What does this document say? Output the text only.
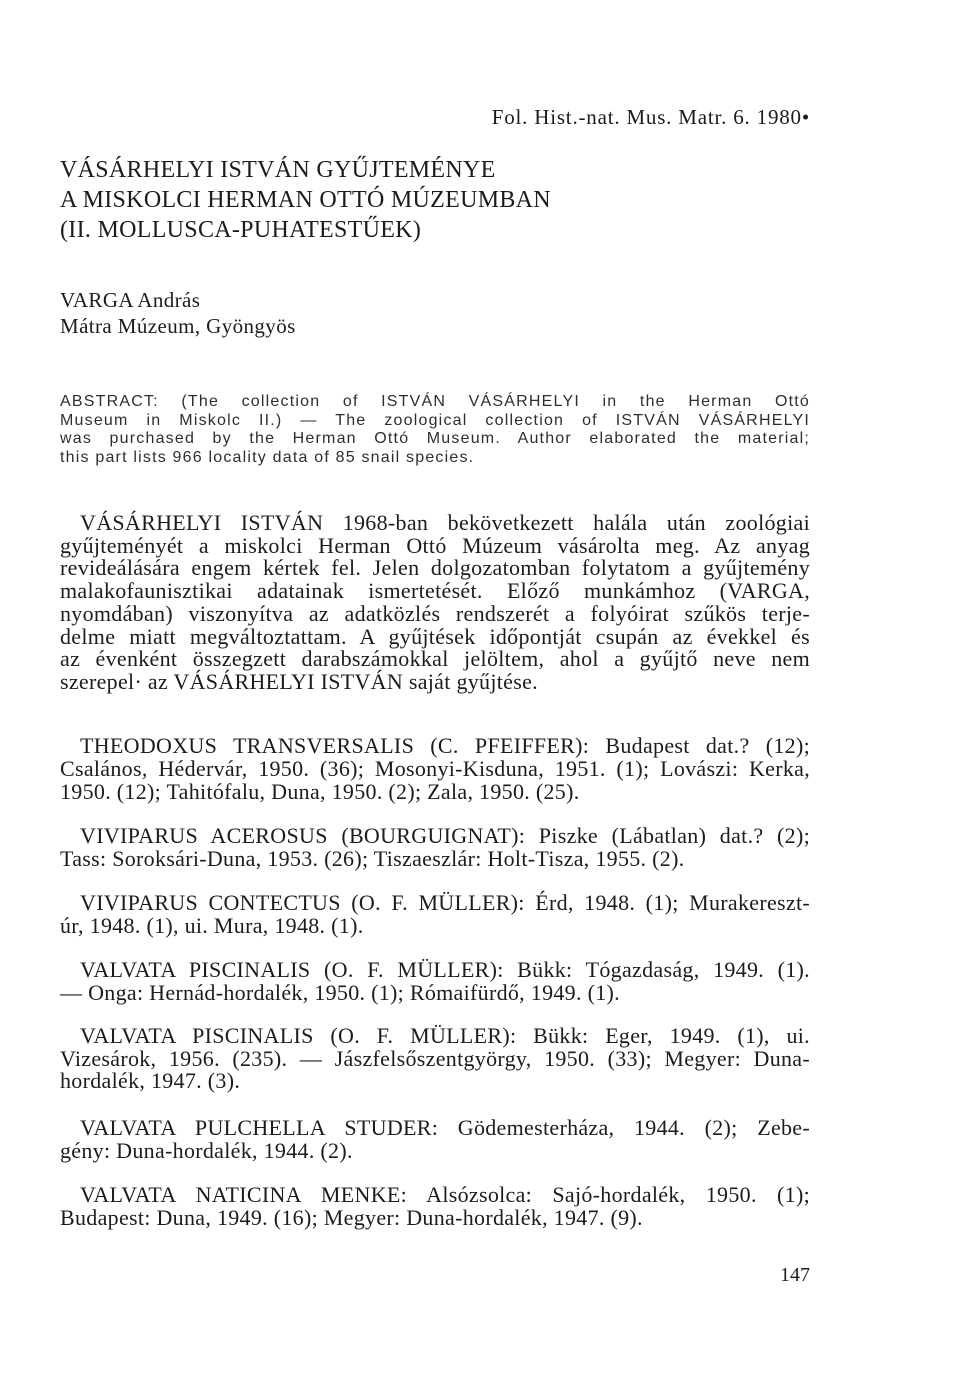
Fol. Hist.-nat. Mus. Matr. 6. 1980•
VÁSÁRHELYI ISTVÁN GYŰJTEMÉNYE
A MISKOLCI HERMAN OTTÓ MÚZEUMBAN
(II. MOLLUSCA-PUHATESTŰEK)
VARGA András
Mátra Múzeum, Gyöngyös
ABSTRACT: (The collection of ISTVÁN VÁSÁRHELYI in the Herman Ottó
Museum in Miskolc II.) — The zoological collection of ISTVÁN VÁSÁRHELYI
was purchased by the Herman Ottó Museum. Author elaborated the material;
this part lists 966 locality data of 85 snail species.
VÁSÁRHELYI ISTVÁN 1968-ban bekövetkezett halála után zoológiai
gyűjteményét a miskolci Herman Ottó Múzeum vásárolta meg. Az anyag
revideálására engem kértek fel. Jelen dolgozatomban folytatom a gyűjtemény
malakofaunisztikai adatainak ismertetését. Előző munkámhoz (VARGA,
nyomdában) viszonyítva az adatközlés rendszerét a folyóirat szűkös terje-
delme miatt megváltoztattam. A gyűjtések időpontját csupán az évekkel és
az évenként összegzett darabszámokkal jelöltem, ahol a gyűjtő neve nem
szerepel· az VÁSÁRHELYI ISTVÁN saját gyűjtése.
THEODOXUS TRANSVERSALIS (C. PFEIFFER): Budapest dat.? (12);
Csalános, Hédervár, 1950. (36); Mosonyi-Kisduna, 1951. (1); Lovászi: Kerka,
1950. (12); Tahitófalu, Duna, 1950. (2); Zala, 1950. (25).
VIVIPARUS ACEROSUS (BOURGUIGNAT): Piszke (Lábatlan) dat.? (2);
Tass: Soroksári-Duna, 1953. (26); Tiszaeszlár: Holt-Tisza, 1955. (2).
VIVIPARUS CONTECTUS (O. F. MÜLLER): Érd, 1948. (1); Murakereszt-
úr, 1948. (1), ui. Mura, 1948. (1).
VALVATA PISCINALIS (O. F. MÜLLER): Bükk: Tógazdaság, 1949. (1).
— Onga: Hernád-hordalék, 1950. (1); Rómaifürdő, 1949. (1).
VALVATA PISCINALIS (O. F. MÜLLER): Bükk: Eger, 1949. (1), ui.
Vizesárok, 1956. (235). — Jászfelsőszentgyörgy, 1950. (33); Megyer: Duna-
hordalék, 1947. (3).
VALVATA PULCHELLA STUDER: Gödemesterháza, 1944. (2); Zebe-
gény: Duna-hordalék, 1944. (2).
VALVATA NATICINA MENKE: Alsózsolca: Sajó-hordalék, 1950. (1);
Budapest: Duna, 1949. (16); Megyer: Duna-hordalék, 1947. (9).
147
